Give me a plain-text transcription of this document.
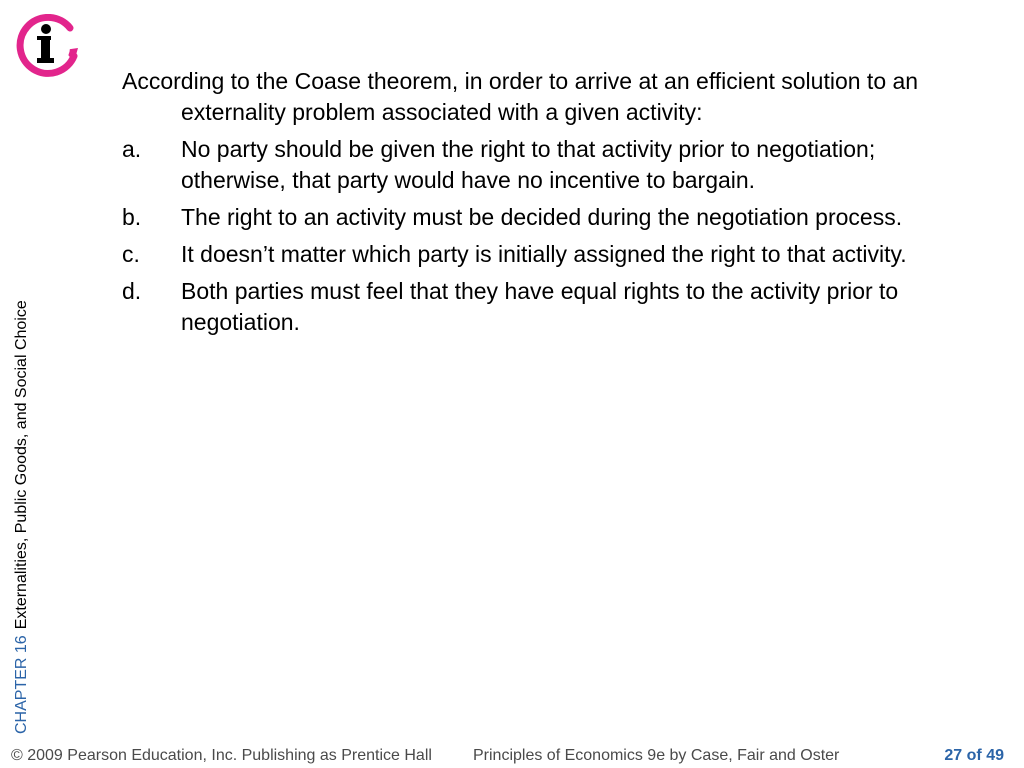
CHAPTER 16Externalities, Public Goods, and Social Choice

According to the Coase theorem, in order to arrive at an efficient solution to an externality problem associated with a given activity:

a.	No party should be given the right to that activity prior to negotiation; otherwise, that party would have no incentive to bargain.
b.	The right to an activity must be decided during the negotiation process.
c.	It doesn’t matter which party is initially assigned the right to that activity.
d.	Both parties must feel that they have equal rights to the activity prior to negotiation.
© 2009 Pearson Education, Inc. Publishing as Prentice Hall	Principles of Economics 9e by Case, Fair and Oster	27 of 49
